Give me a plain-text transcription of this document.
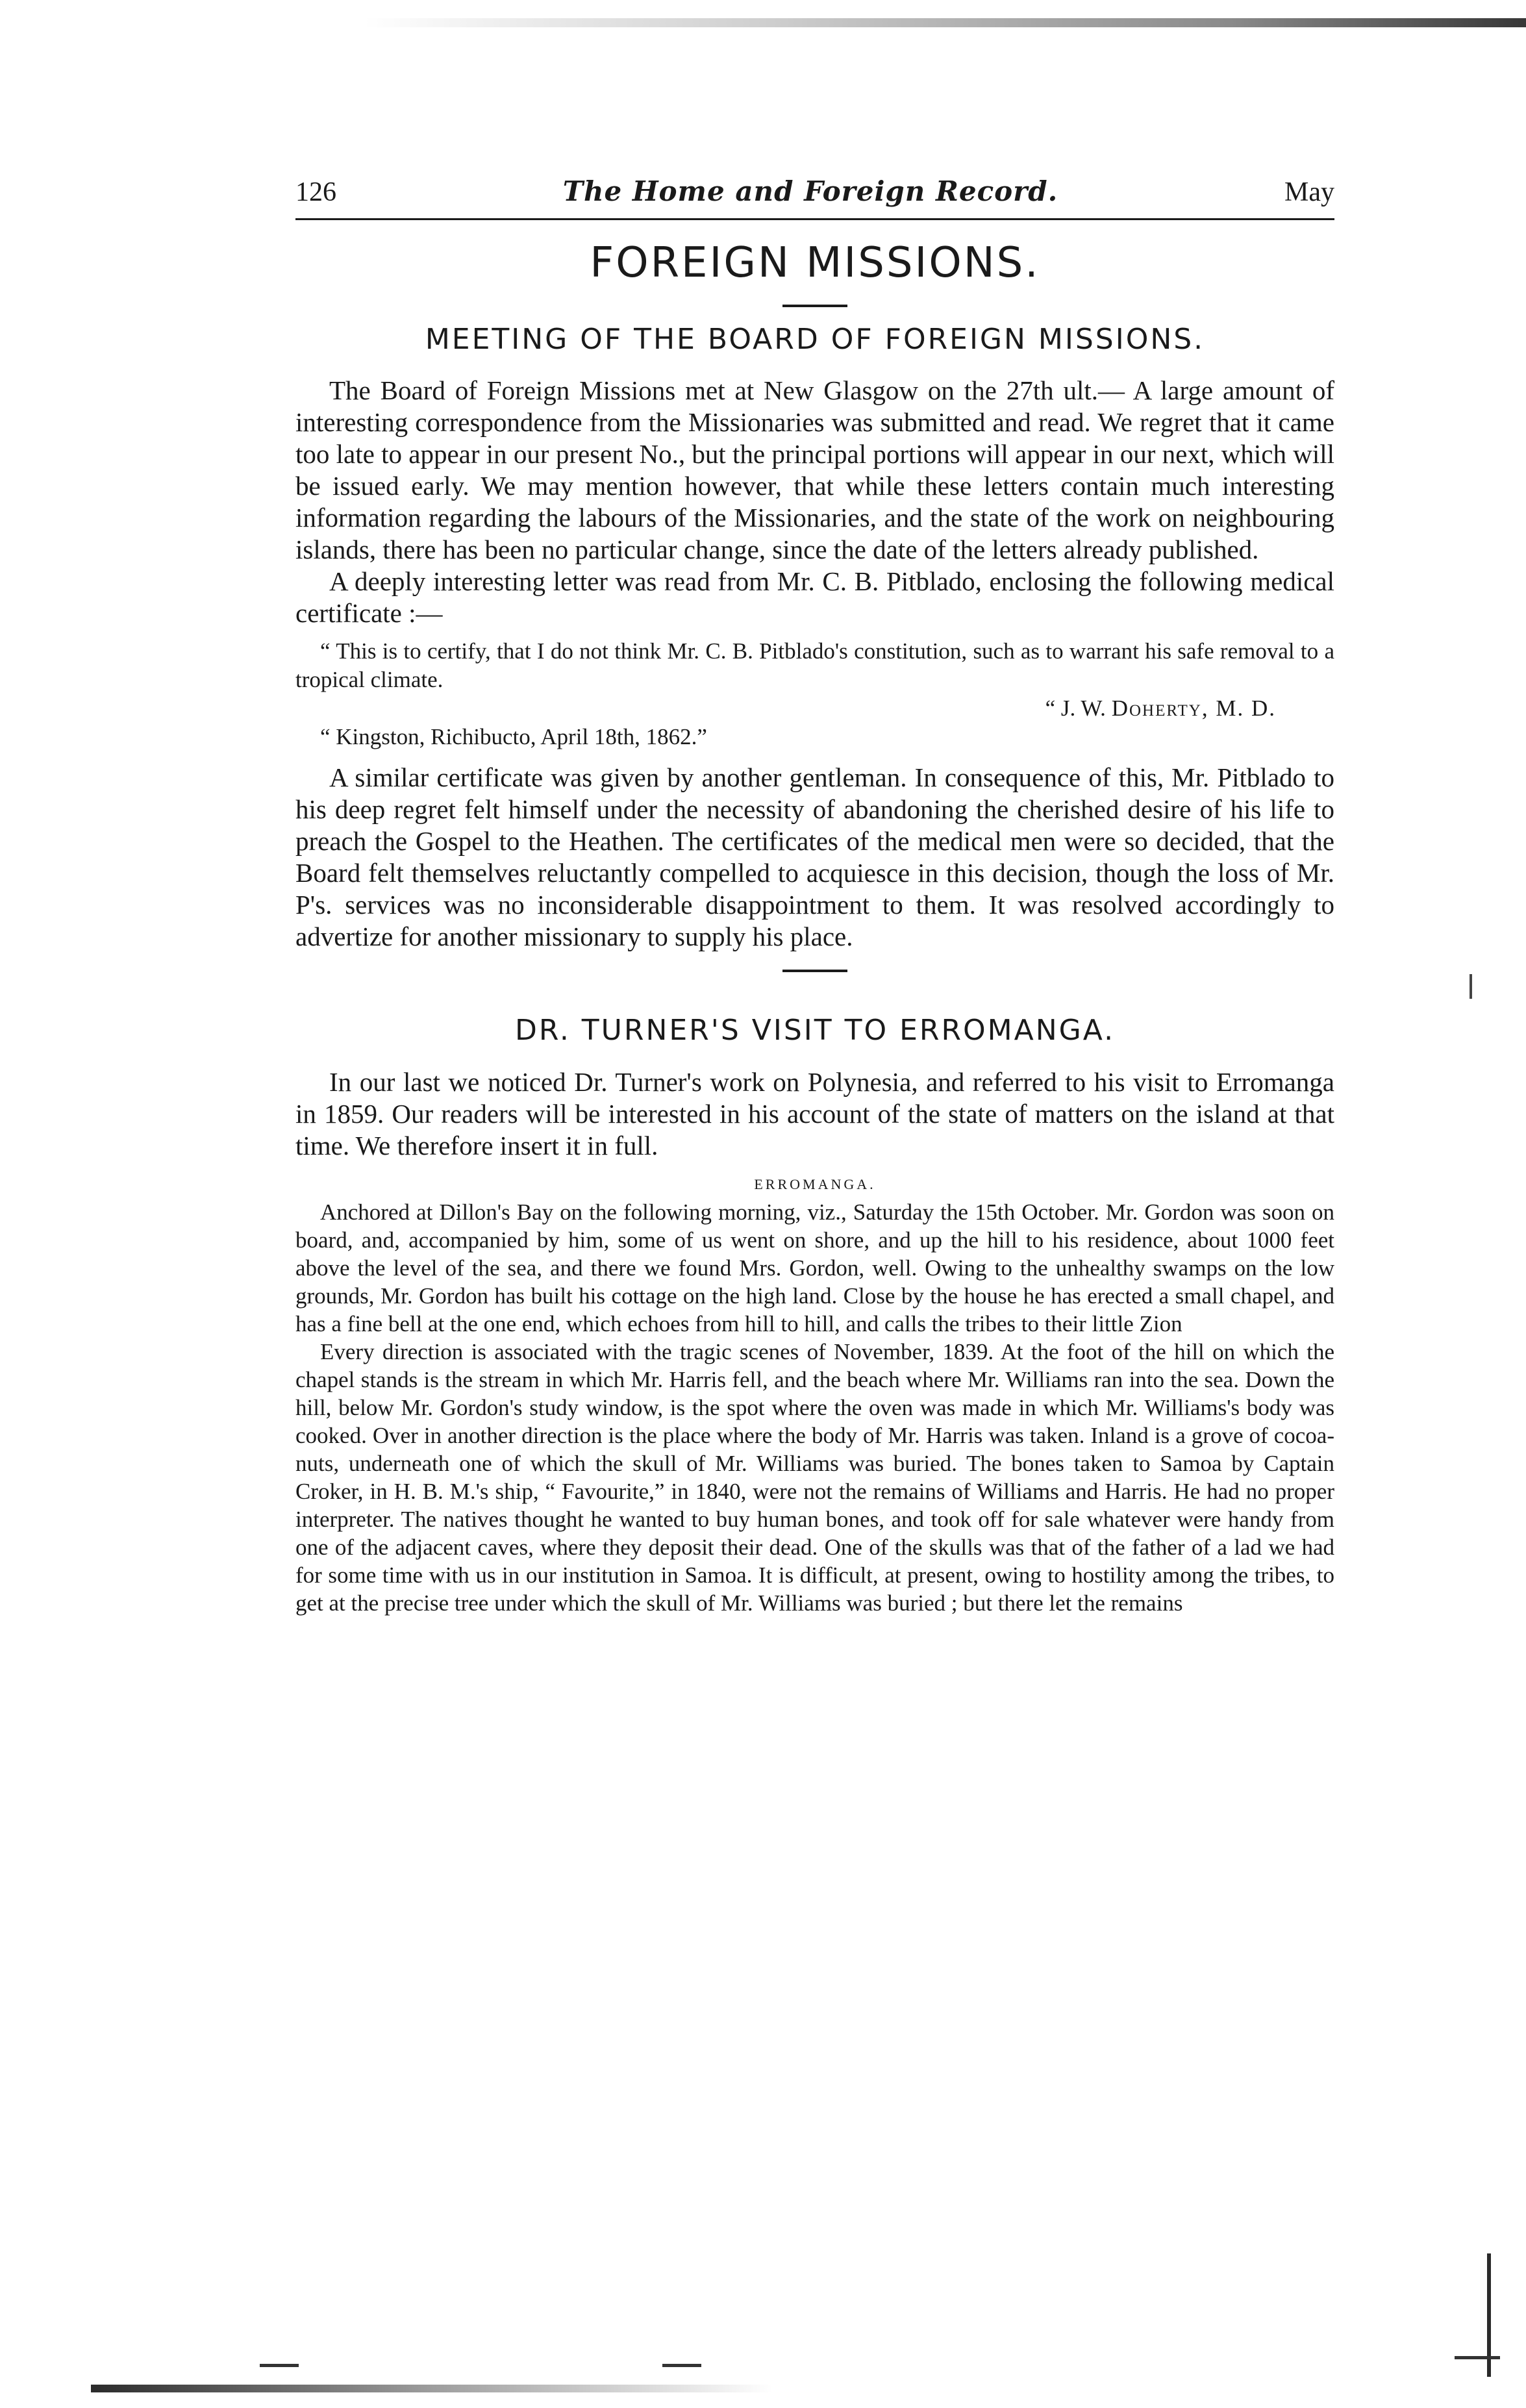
126	The Home and Foreign Record.	May
FOREIGN MISSIONS.
MEETING OF THE BOARD OF FOREIGN MISSIONS.

The Board of Foreign Missions met at New Glasgow on the 27th ult.— A large amount of interesting correspondence from the Missionaries was submitted and read. We regret that it came too late to appear in our present No., but the principal portions will appear in our next, which will be issued early. We may mention however, that while these letters contain much interesting information regarding the labours of the Missionaries, and the state of the work on neighbouring islands, there has been no particular change, since the date of the letters already published.

A deeply interesting letter was read from Mr. C. B. Pitblado, enclosing the following medical certificate :—

“ This is to certify, that I do not think Mr. C. B. Pitblado's constitution, such as to warrant his safe removal to a tropical climate.

“ J. W. Doherty, M. D.

“ Kingston, Richibucto, April 18th, 1862.”

A similar certificate was given by another gentleman. In consequence of this, Mr. Pitblado to his deep regret felt himself under the necessity of abandoning the cherished desire of his life to preach the Gospel to the Heathen. The certificates of the medical men were so decided, that the Board felt themselves reluctantly compelled to acquiesce in this decision, though the loss of Mr. P's. services was no inconsiderable disappointment to them. It was resolved accordingly to advertize for another missionary to supply his place.

DR. TURNER'S VISIT TO ERROMANGA.

In our last we noticed Dr. Turner's work on Polynesia, and referred to his visit to Erromanga in 1859. Our readers will be interested in his account of the state of matters on the island at that time. We therefore insert it in full.

ERROMANGA.

Anchored at Dillon's Bay on the following morning, viz., Saturday the 15th October. Mr. Gordon was soon on board, and, accompanied by him, some of us went on shore, and up the hill to his residence, about 1000 feet above the level of the sea, and there we found Mrs. Gordon, well. Owing to the unhealthy swamps on the low grounds, Mr. Gordon has built his cottage on the high land. Close by the house he has erected a small chapel, and has a fine bell at the one end, which echoes from hill to hill, and calls the tribes to their little Zion

Every direction is associated with the tragic scenes of November, 1839. At the foot of the hill on which the chapel stands is the stream in which Mr. Harris fell, and the beach where Mr. Williams ran into the sea. Down the hill, below Mr. Gordon's study window, is the spot where the oven was made in which Mr. Williams's body was cooked. Over in another direction is the place where the body of Mr. Harris was taken. Inland is a grove of cocoa-nuts, underneath one of which the skull of Mr. Williams was buried. The bones taken to Samoa by Captain Croker, in H. B. M.'s ship, “ Favourite,” in 1840, were not the remains of Williams and Harris. He had no proper interpreter. The natives thought he wanted to buy human bones, and took off for sale whatever were handy from one of the adjacent caves, where they deposit their dead. One of the skulls was that of the father of a lad we had for some time with us in our institution in Samoa. It is difficult, at present, owing to hostility among the tribes, to get at the precise tree under which the skull of Mr. Williams was buried ; but there let the remains
